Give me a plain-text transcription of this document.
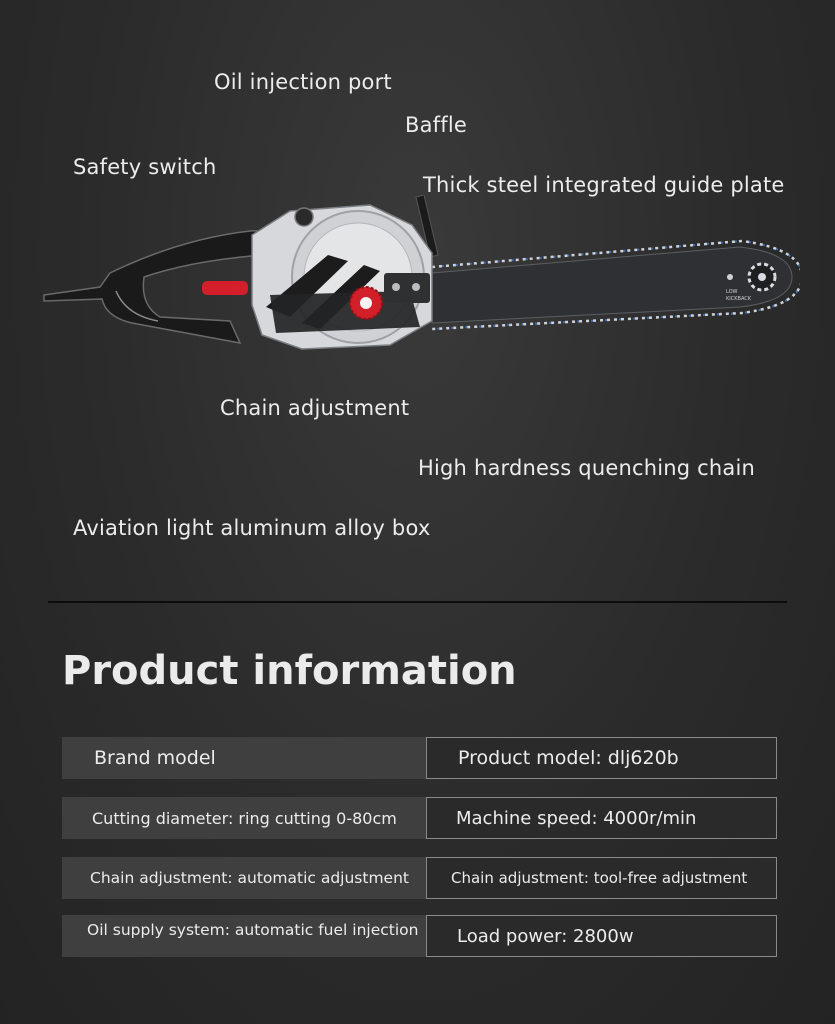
Oil injection port
Baffle
Safety switch
Thick steel integrated guide plate
LOW
KICKBACK
Chain adjustment
High hardness quenching chain
Aviation light aluminum alloy box
Product information
Brand model	Product model: dlj620b
Cutting diameter: ring cutting 0-80cm	Machine speed: 4000r/min
Chain adjustment: automatic adjustment	Chain adjustment: tool-free adjustment
Oil supply system: automatic fuel injection	Load power: 2800w
